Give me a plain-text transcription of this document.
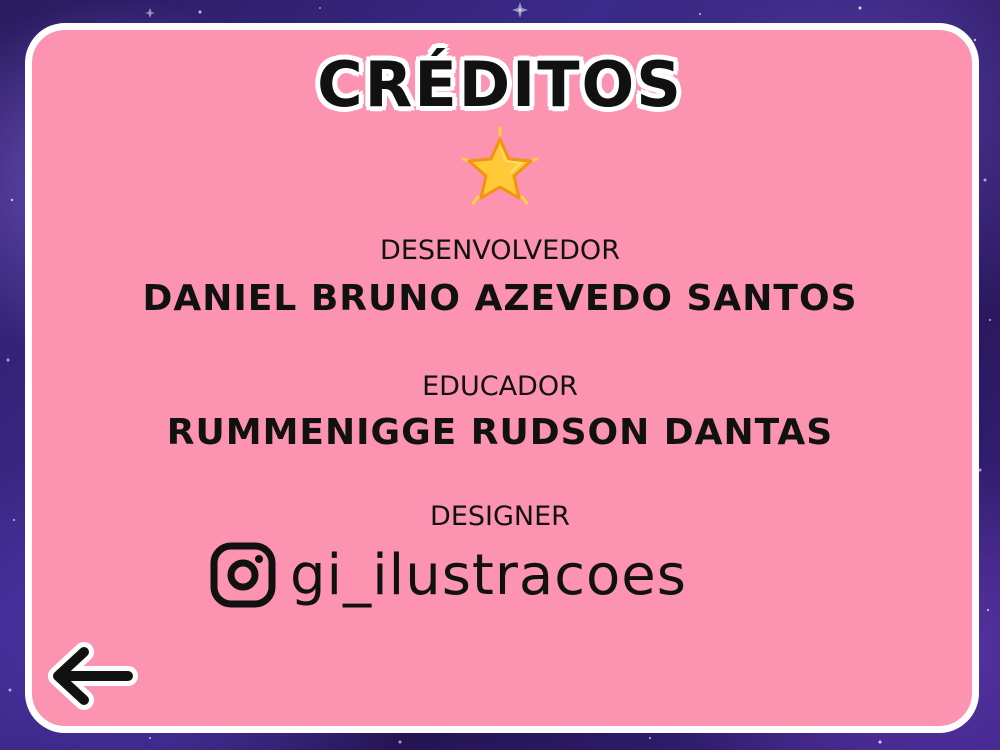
CRÉDITOS
DESENVOLVEDOR
DANIEL BRUNO AZEVEDO SANTOS
EDUCADOR
RUMMENIGGE RUDSON DANTAS
DESIGNER
gi_ilustracoes
